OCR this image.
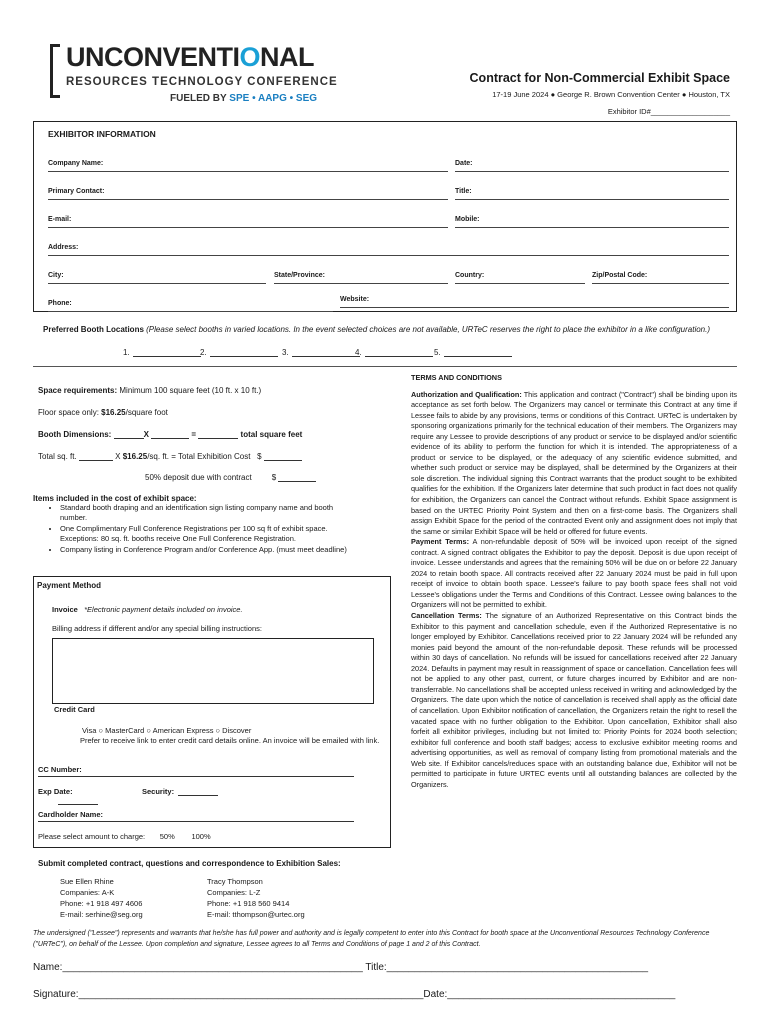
UNCONVENTIONAL
RESOURCES TECHNOLOGY CONFERENCE
FUELED BY SPE • AAPG • SEG
Contract for Non-Commercial Exhibit Space
17-19 June 2024 ● George R. Brown Convention Center ● Houston, TX
Exhibitor ID#___________________
EXHIBITOR INFORMATION
Company Name:	Date:
Primary Contact:	Title:
E-mail:	Mobile:
Address:
City:	State/Province:	Country:	Zip/Postal Code:
Phone:
Website:
Preferred Booth Locations (Please select booths in varied locations. In the event selected choices are not available, URTeC reserves the right to place the exhibitor in a like configuration.)
1.	2.	3.	4.	5.
Space requirements: Minimum 100 square feet (10 ft. x 10 ft.)
Floor space only: $16.25/square foot
Booth Dimensions:	X	=	total square feet
Total sq. ft.	X $16.25/sq. ft. = Total Exhibition Cost $
50% deposit due with contract	$
Items included in the cost of exhibit space:
• Standard booth draping and an identification sign listing company name and booth number.
• One Complimentary Full Conference Registrations per 100 sq ft of exhibit space. Exceptions: 80 sq. ft. booths receive One Full Conference Registration.
• Company listing in Conference Program and/or Conference App. (must meet deadline)
Payment Method
Invoice *Electronic payment details included on invoice.
Billing address if different and/or any special billing instructions:
Credit Card
Visa ○ MasterCard ○ American Express ○ Discover
Prefer to receive link to enter credit card details online. An invoice will be emailed with link.
CC Number:
Exp Date:	Security:
Cardholder Name:
Please select amount to charge: 50% 100%
Submit completed contract, questions and correspondence to Exhibition Sales:
Sue Ellen Rhine
Companies: A-K
Phone: +1 918 497 4606
E-mail: serhine@seg.org
Tracy Thompson
Companies: L-Z
Phone: +1 918 560 9414
E-mail: tthompson@urtec.org

TERMS AND CONDITIONS

Authorization and Qualification: This application and contract ("Contract") shall be binding upon its acceptance as set forth below. The Organizers may cancel or terminate this Contract at any time if Lessee fails to abide by any provisions, terms or conditions of this Contract. URTeC is undertaken by sponsoring organizations primarily for the technical education of their members. The Organizers may require any Lessee to provide descriptions of any product or service to be displayed and/or scientific evidence of its ability to perform the function for which it is intended. The appropriateness of a product or service to be displayed, or the adequacy of any scientific evidence submitted, and whether such product or service may be displayed, shall be determined by the Organizers at their sole discretion. The individual signing this Contract warrants that the product sought to be exhibited qualifies for the exhibition. If the Organizers later determine that such product in fact does not qualify for exhibition, the Organizers can cancel the Contract without refunds. Exhibit Space assignment is based on the URTEC Priority Point System and then on a first-come basis. The Organizers shall assign Exhibit Space for the period of the contracted Event only and assignment does not imply that the same or similar Exhibit Space will be held or offered for future events.

Payment Terms: A non-refundable deposit of 50% will be invoiced upon receipt of the signed contract. A signed contract obligates the Exhibitor to pay the deposit. Deposit is due upon receipt of invoice. Lessee understands and agrees that the remaining 50% will be due on or before 22 January 2024 to retain booth space. All contracts received after 22 January 2024 must be paid in full upon receipt of invoice to obtain booth space. Lessee's failure to pay booth space fees shall not void Lessee's obligations under the Terms and Conditions of this Contract. Lessee owing balances to the Organizers will not be permitted to exhibit.

Cancellation Terms: The signature of an Authorized Representative on this Contract binds the Exhibitor to this payment and cancellation schedule, even if the Authorized Representative is no longer employed by Exhibitor. Cancellations received prior to 22 January 2024 will be refunded any monies paid beyond the amount of the non-refundable deposit. These refunds will be processed within 30 days of cancellation. No refunds will be issued for cancellations received after 22 January 2024. Defaults in payment may result in reassignment of space or cancellation. Cancellation fees will not be applied to any other past, current, or future charges incurred by Exhibitor and are non-transferrable. No cancellations shall be accepted unless received in writing and acknowledged by the Organizers. The date upon which the notice of cancellation is received shall apply as the official date of cancellation. Upon Exhibitor notification of cancellation, the Organizers retain the right to resell the vacated space with no further obligation to the Exhibitor. Upon cancellation, Exhibitor shall also forfeit all exhibitor privileges, including but not limited to: Priority Points for 2024 booth selection; exhibitor full conference and booth staff badges; access to exclusive exhibitor meeting rooms and advertising opportunities, as well as removal of company listing from promotional materials and the Web site. If Exhibitor cancels/reduces space with an outstanding balance due, Exhibitor will not be permitted to participate in future URTEC events until all outstanding balances are collected by the Organizers.

The undersigned ("Lessee") represents and warrants that he/she has full power and authority and is legally competent to enter into this Contract for booth space at the Unconventional Resources Technology Conference ("URTeC"), on behalf of the Lessee. Upon completion and signature, Lessee agrees to all Terms and Conditions of page 1 and 2 of this Contract.
Name:______________________________________________________ Title:_______________________________________________
Signature:______________________________________________________________Date:_________________________________________
